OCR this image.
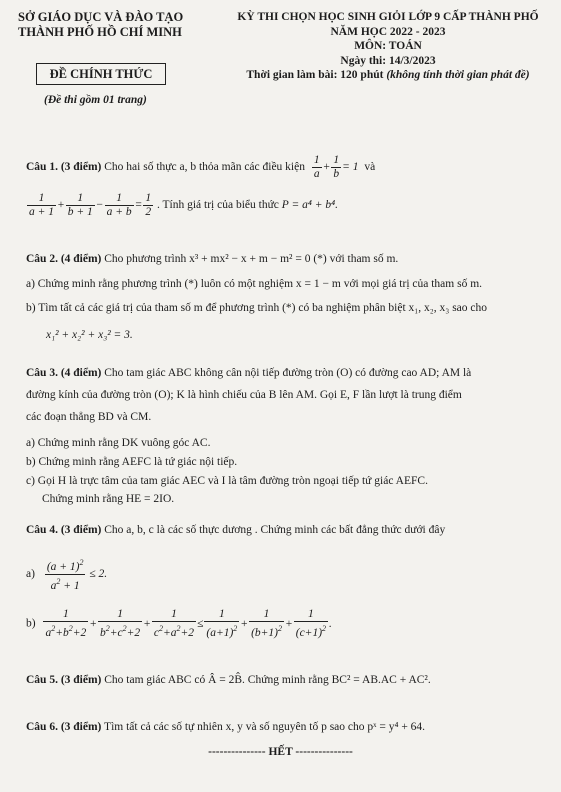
SỞ GIÁO DỤC VÀ ĐÀO TẠO
THÀNH PHỐ HỒ CHÍ MINH
ĐỀ CHÍNH THỨC
(Đề thi gồm 01 trang)
KỲ THI CHỌN HỌC SINH GIỎI LỚP 9 CẤP THÀNH PHỐ
NĂM HỌC 2022 - 2023
MÔN: TOÁN
Ngày thi: 14/3/2023
Thời gian làm bài: 120 phút (không tính thời gian phát đề)
Câu 1. (3 điểm) Cho hai số thực a, b thỏa mãn các điều kiện $\frac{1}{a} + \frac{1}{b} = 1$ và
$\frac{1}{a + 1} + \frac{1}{b + 1} - \frac{1}{a + b} = \frac{1}{2}$ . Tính giá trị của biểu thức P = a⁴ + b⁴.
Câu 2. (4 điểm) Cho phương trình x³ + mx² − x + m − m² = 0 (*) với tham số m.
a) Chứng minh rằng phương trình (*) luôn có một nghiệm x = 1 − m với mọi giá trị của tham số m.
b) Tìm tất cả các giá trị của tham số m để phương trình (*) có ba nghiệm phân biệt x₁, x₂, x₃ sao cho
x₁² + x₂² + x₃² = 3.
Câu 3. (4 điểm) Cho tam giác ABC không cân nội tiếp đường tròn (O) có đường cao AD; AM là
đường kính của đường tròn (O); K là hình chiếu của B lên AM. Gọi E, F lần lượt là trung điểm
các đoạn thẳng BD và CM.
a) Chứng minh rằng DK vuông góc AC.
b) Chứng minh rằng AEFC là tứ giác nội tiếp.
c) Gọi H là trực tâm của tam giác AEC và I là tâm đường tròn ngoại tiếp tứ giác AEFC.
Chứng minh rằng HE = 2IO.
Câu 4. (3 điểm) Cho a, b, c là các số thực dương . Chứng minh các bất đẳng thức dưới đây
$a) \frac{(a + 1)^2}{a^2 + 1} \le 2$.
$b) \frac{1}{a^2+b^2+2} + \frac{1}{b^2+c^2+2} + \frac{1}{c^2+a^2+2} \le \frac{1}{(a+1)^2} + \frac{1}{(b+1)^2} + \frac{1}{(c+1)^2}$ .
Câu 5. (3 điểm) Cho tam giác ABC có Â = 2B̂. Chứng minh rằng BC² = AB.AC + AC².
Câu 6. (3 điểm) Tìm tất cả các số tự nhiên x, y và số nguyên tố p sao cho pˣ = y⁴ + 64.
--------------- HẾT ---------------
